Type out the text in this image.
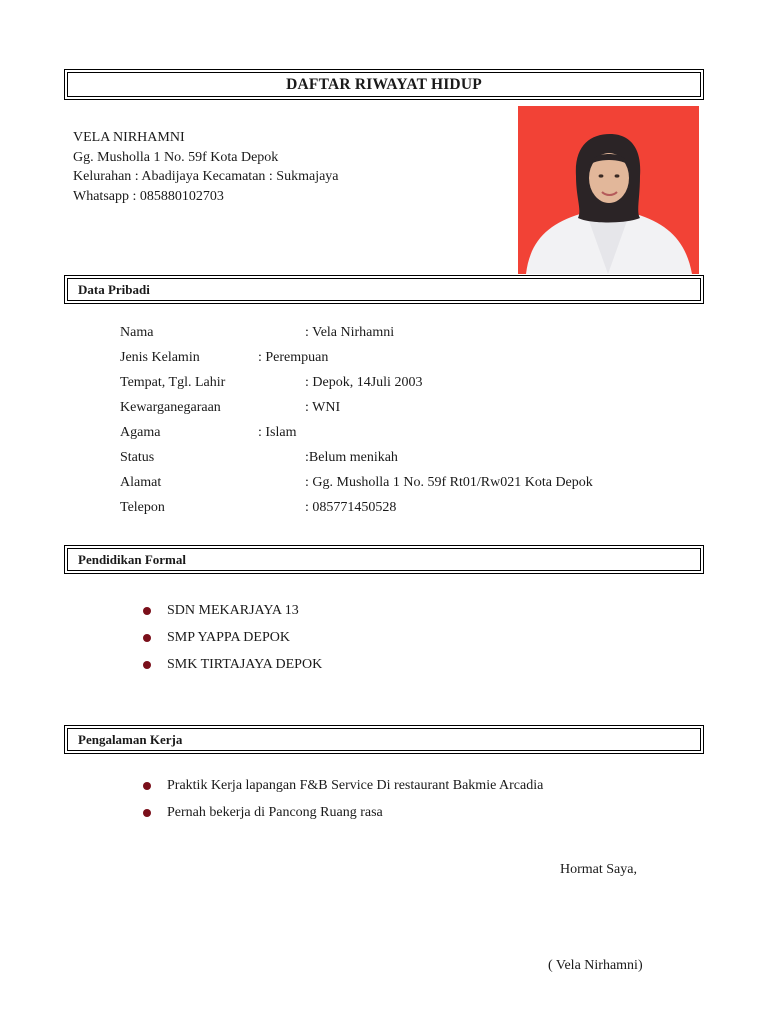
DAFTAR RIWAYAT HIDUP
VELA NIRHAMNI
Gg. Musholla 1 No. 59f Kota Depok
Kelurahan : Abadijaya Kecamatan : Sukmajaya
Whatsapp : 085880102703
Data Pribadi
Nama	: Vela Nirhamni
Jenis Kelamin	: Perempuan
Tempat, Tgl. Lahir	: Depok, 14Juli 2003
Kewarganegaraan	: WNI
Agama	: Islam
Status	:Belum menikah
Alamat	: Gg. Musholla 1 No. 59f Rt01/Rw021 Kota Depok
Telepon	: 085771450528
Pendidikan Formal
SDN MEKARJAYA 13
SMP YAPPA DEPOK
SMK TIRTAJAYA DEPOK
Pengalaman Kerja
Praktik Kerja lapangan F&B Service Di restaurant Bakmie Arcadia
Pernah bekerja di Pancong Ruang rasa
Hormat Saya,
( Vela Nirhamni)
